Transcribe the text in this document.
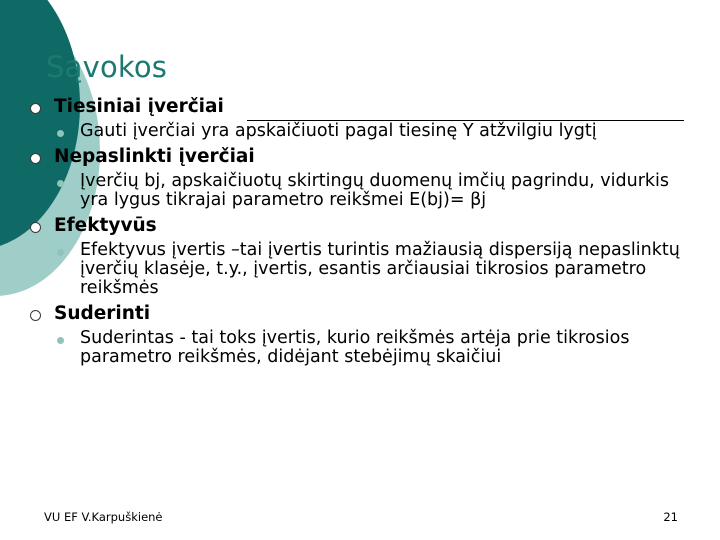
Sąvokos
Tiesiniai įverčiai
Gauti įverčiai yra apskaičiuoti pagal tiesinę Y atžvilgiu lygtį
Nepaslinkti įverčiai
Įverčių bj, apskaičiuotų skirtingų duomenų imčių pagrindu, vidurkis yra lygus tikrajai parametro reikšmei E(bj)= βj
Efektyvūs
Efektyvus įvertis –tai įvertis turintis mažiausią dispersiją nepaslinktų įverčių klasėje, t.y., įvertis, esantis arčiausiai tikrosios parametro reikšmės
Suderinti
Suderintas - tai toks įvertis, kurio reikšmės artėja prie tikrosios parametro reikšmės, didėjant stebėjimų skaičiui
VU EF V.Karpuškienė	21
